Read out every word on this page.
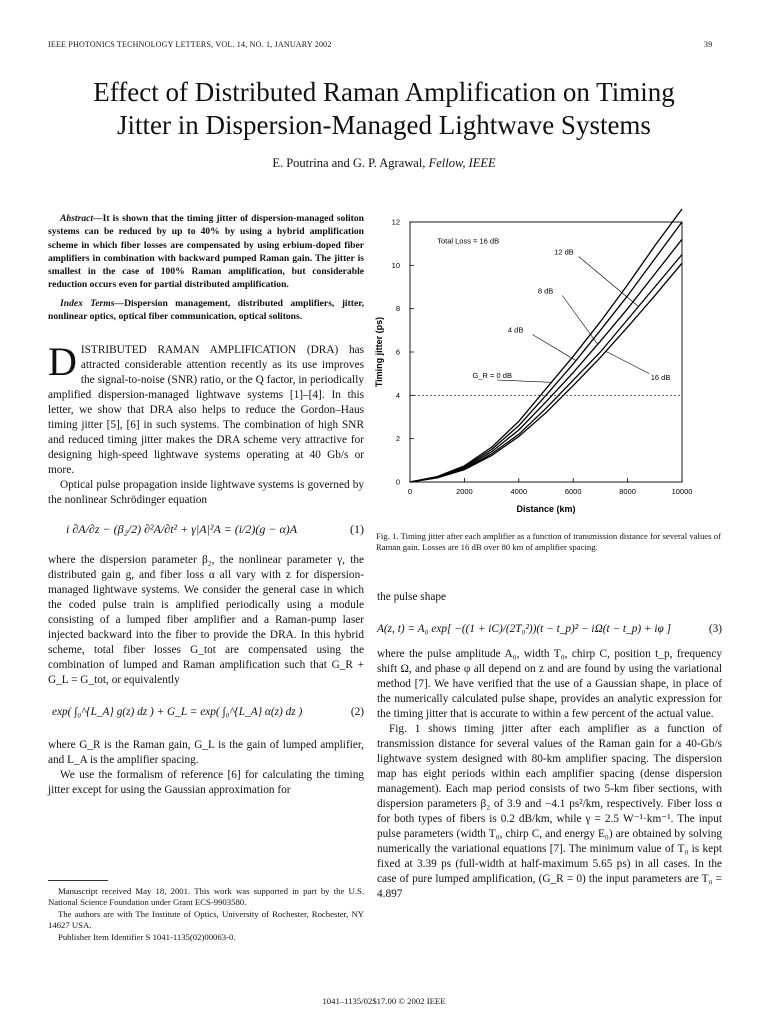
IEEE PHOTONICS TECHNOLOGY LETTERS, VOL. 14, NO. 1, JANUARY 2002	39
Effect of Distributed Raman Amplification on Timing
Jitter in Dispersion-Managed Lightwave Systems
E. Poutrina and G. P. Agrawal, Fellow, IEEE
Abstract—It is shown that the timing jitter of dispersion-managed soliton systems can be reduced by up to 40% by using a hybrid amplification scheme in which fiber losses are compensated by using erbium-doped fiber amplifiers in combination with backward pumped Raman gain. The jitter is smallest in the case of 100% Raman amplification, but considerable reduction occurs even for partial distributed amplification.
Index Terms—Dispersion management, distributed amplifiers, jitter, nonlinear optics, optical fiber communication, optical solitons.
DISTRIBUTED RAMAN AMPLIFICATION (DRA) has attracted considerable attention recently as its use improves the signal-to-noise (SNR) ratio, or the Q factor, in periodically amplified dispersion-managed lightwave systems [1]–[4]. In this letter, we show that DRA also helps to reduce the Gordon–Haus timing jitter [5], [6] in such systems. The combination of high SNR and reduced timing jitter makes the DRA scheme very attractive for designing high-speed lightwave systems operating at 40 Gb/s or more.
Optical pulse propagation inside lightwave systems is governed by the nonlinear Schrödinger equation
i ∂A/∂z − (β₂/2) ∂²A/∂t² + γ|A|²A = (i/2)(g − α)A	(1)
where the dispersion parameter β₂, the nonlinear parameter γ, the distributed gain g, and fiber loss α all vary with z for dispersion-managed lightwave systems. We consider the general case in which the coded pulse train is amplified periodically using a module consisting of a lumped fiber amplifier and a Raman-pump laser injected backward into the fiber to provide the DRA. In this hybrid scheme, total fiber losses G_tot are compensated using the combination of lumped and Raman amplification such that G_R + G_L = G_tot, or equivalently
exp( ∫₀^{L_A} g(z) dz ) + G_L = exp( ∫₀^{L_A} α(z) dz )	(2)
where G_R is the Raman gain, G_L is the gain of lumped amplifier, and L_A is the amplifier spacing.
We use the formalism of reference [6] for calculating the timing jitter except for using the Gaussian approximation for
Manuscript received May 18, 2001. This work was supported in part by the U.S. National Science Foundation under Grant ECS-9903580.
The authors are with The Institute of Optics, University of Rochester, Rochester, NY 14627 USA.
Publisher Item Identifier S 1041-1135(02)00063-0.
0	2000	4000	6000	8000	10000
0
2
4
6
8
10
12
Distance (km)
Timing jitter (ps)
Total Loss = 16 dB
12 dB
8 dB
4 dB
G_R = 0 dB	16 dB
Fig. 1. Timing jitter after each amplifier as a function of transmission distance for several values of Raman gain. Losses are 16 dB over 80 km of amplifier spacing.
the pulse shape
A(z, t) = A₀ exp[ −((1 + iC)/(2T₀²))(t − t_p)² − iΩ(t − t_p) + iφ ]	(3)
where the pulse amplitude A₀, width T₀, chirp C, position t_p, frequency shift Ω, and phase φ all depend on z and are found by using the variational method [7]. We have verified that the use of a Gaussian shape, in place of the numerically calculated pulse shape, provides an analytic expression for the timing jitter that is accurate to within a few percent of the actual value.
Fig. 1 shows timing jitter after each amplifier as a function of transmission distance for several values of the Raman gain for a 40-Gb/s lightwave system designed with 80-km amplifier spacing. The dispersion map has eight periods within each amplifier spacing (dense dispersion management). Each map period consists of two 5-km fiber sections, with dispersion parameters β₂ of 3.9 and −4.1 ps²/km, respectively. Fiber loss α for both types of fibers is 0.2 dB/km, while γ = 2.5 W⁻¹·km⁻¹. The input pulse parameters (width T₀, chirp C, and energy E₀) are obtained by solving numerically the variational equations [7]. The minimum value of T₀ is kept fixed at 3.39 ps (full-width at half-maximum 5.65 ps) in all cases. In the case of pure lumped amplification, (G_R = 0) the input parameters are T₀ = 4.897
1041–1135/02$17.00 © 2002 IEEE
